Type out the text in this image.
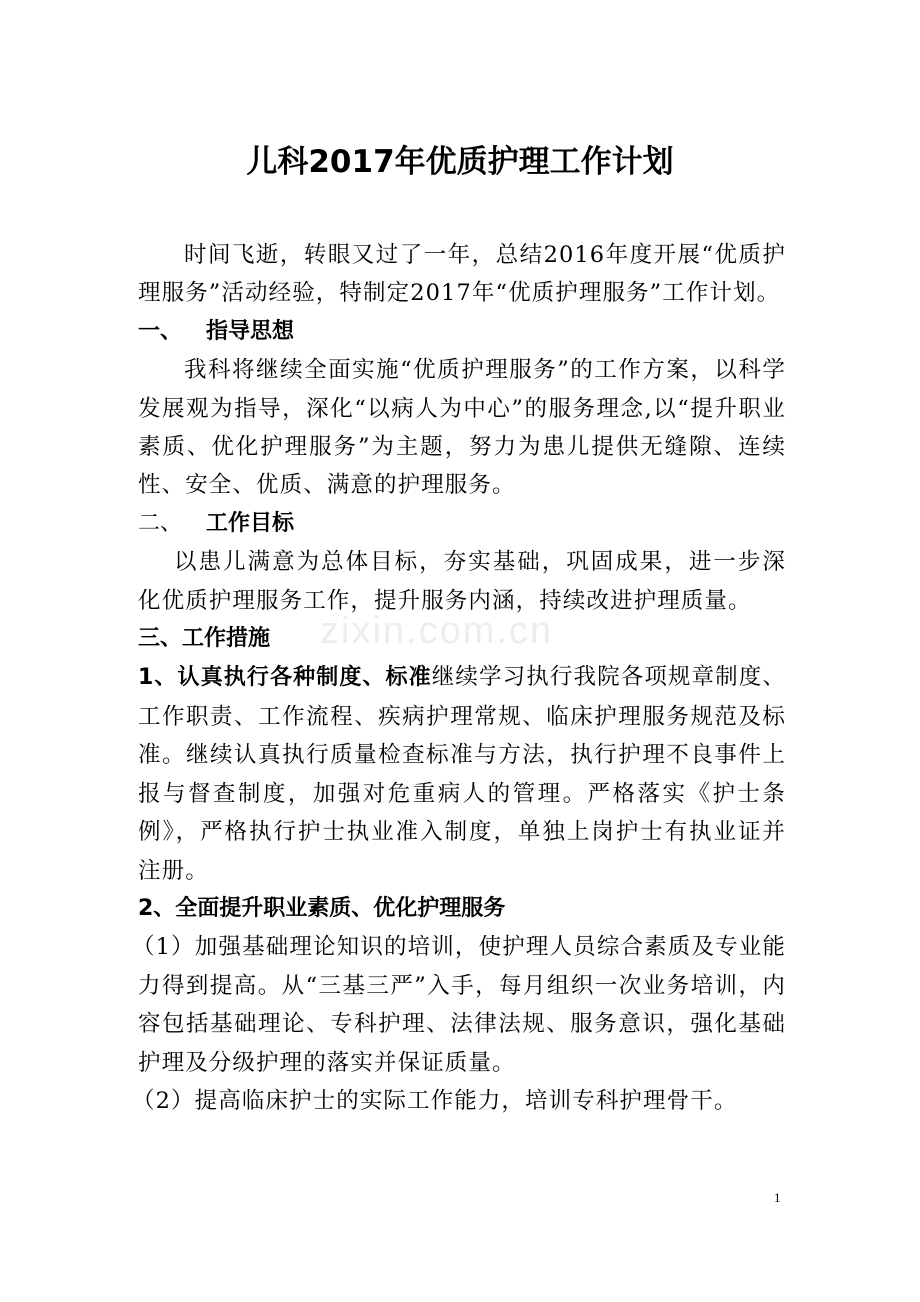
儿科2017年优质护理工作计划

时间飞逝，转眼又过了一年，总结2016年度开展“优质护理服务”活动经验，特制定2017年“优质护理服务”工作计划。

一、 指导思想

我科将继续全面实施“优质护理服务”的工作方案，以科学发展观为指导，深化“以病人为中心”的服务理念,以“提升职业素质、优化护理服务”为主题，努力为患儿提供无缝隙、连续性、安全、优质、满意的护理服务。

二、 工作目标

以患儿满意为总体目标，夯实基础，巩固成果，进一步深化优质护理服务工作，提升服务内涵，持续改进护理质量。

三、工作措施

1、认真执行各种制度、标准继续学习执行我院各项规章制度、工作职责、工作流程、疾病护理常规、临床护理服务规范及标准。继续认真执行质量检查标准与方法，执行护理不良事件上报与督查制度，加强对危重病人的管理。严格落实《护士条例》，严格执行护士执业准入制度，单独上岗护士有执业证并注册。

2、全面提升职业素质、优化护理服务

（1）加强基础理论知识的培训，使护理人员综合素质及专业能力得到提高。从“三基三严”入手，每月组织一次业务培训，内容包括基础理论、专科护理、法律法规、服务意识，强化基础护理及分级护理的落实并保证质量。

（2）提高临床护士的实际工作能力，培训专科护理骨干。

zixin.com.cn
1
